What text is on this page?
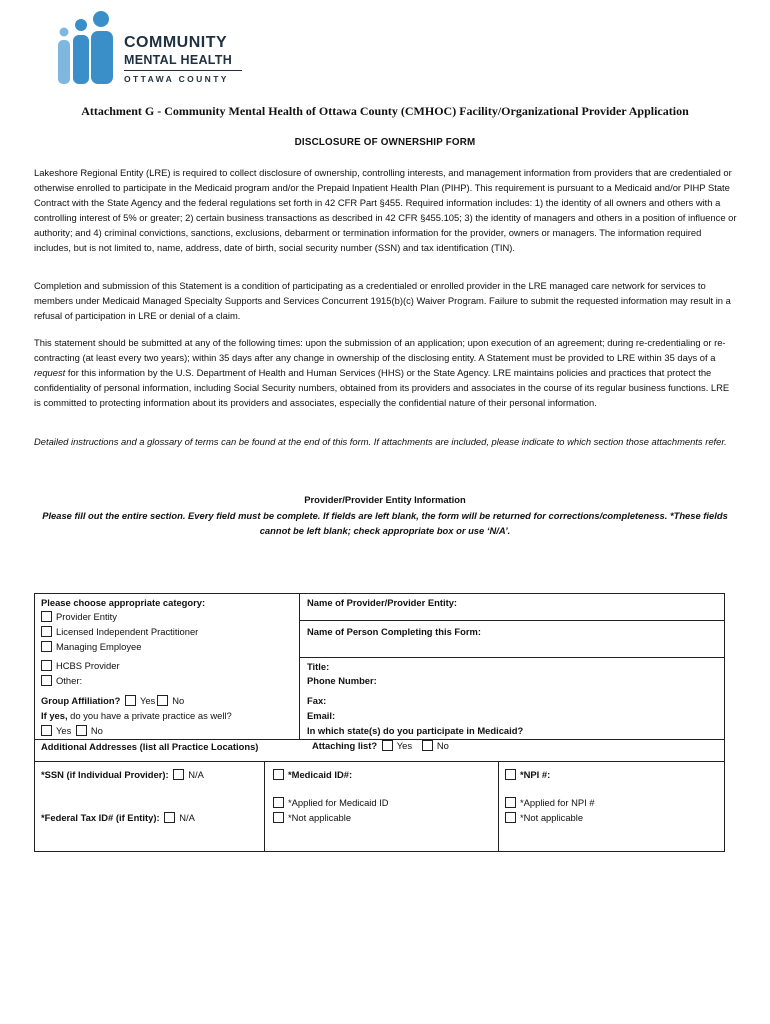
COMMUNITY
MENTAL HEALTH
OTTAWA COUNTY
Attachment G - Community Mental Health of Ottawa County (CMHOC) Facility/Organizational Provider Application
DISCLOSURE OF OWNERSHIP FORM

Lakeshore Regional Entity (LRE) is required to collect disclosure of ownership, controlling interests, and management information from providers that are credentialed or otherwise enrolled to participate in the Medicaid program and/or the Prepaid Inpatient Health Plan (PIHP). This requirement is pursuant to a Medicaid and/or PIHP State Contract with the State Agency and the federal regulations set forth in 42 CFR Part §455. Required information includes: 1) the identity of all owners and others with a controlling interest of 5% or greater; 2) certain business transactions as described in 42 CFR §455.105; 3) the identity of managers and others in a position of influence or authority; and 4) criminal convictions, sanctions, exclusions, debarment or termination information for the provider, owners or managers. The information required includes, but is not limited to, name, address, date of birth, social security number (SSN) and tax identification (TIN).

Completion and submission of this Statement is a condition of participating as a credentialed or enrolled provider in the LRE managed care network for services to members under Medicaid Managed Specialty Supports and Services Concurrent 1915(b)(c) Waiver Program. Failure to submit the requested information may result in a refusal of participation in LRE or denial of a claim.

This statement should be submitted at any of the following times: upon the submission of an application; upon execution of an agreement; during re-credentialing or re-contracting (at least every two years); within 35 days after any change in ownership of the disclosing entity. A Statement must be provided to LRE within 35 days of a request for this information by the U.S. Department of Health and Human Services (HHS) or the State Agency. LRE maintains policies and practices that protect the confidentiality of personal information, including Social Security numbers, obtained from its providers and associates in the course of its regular business functions. LRE is committed to protecting information about its providers and associates, especially the confidential nature of their personal information.

Detailed instructions and a glossary of terms can be found at the end of this form. If attachments are included, please indicate to which section those attachments refer.

Provider/Provider Entity Information
Please fill out the entire section. Every field must be complete. If fields are left blank, the form will be returned for corrections/completeness. *These fields cannot be left blank; check appropriate box or use ‘N/A’.
Please choose appropriate category:
Provider Entity
Licensed Independent Practitioner
Managing Employee
HCBS Provider
Other:
Group Affiliation? Yes No
If yes, do you have a private practice as well?
Yes No
Additional Addresses (list all Practice Locations)
Name of Provider/Provider Entity:
Name of Person Completing this Form:
Title:
Phone Number:
Fax:
Email:
In which state(s) do you participate in Medicaid?
Attaching list? Yes	No
*SSN (if Individual Provider): N/A
*Federal Tax ID# (if Entity): N/A
*Medicaid ID#:
*Applied for Medicaid ID
*Not applicable
*NPI #:
*Applied for NPI #
*Not applicable
